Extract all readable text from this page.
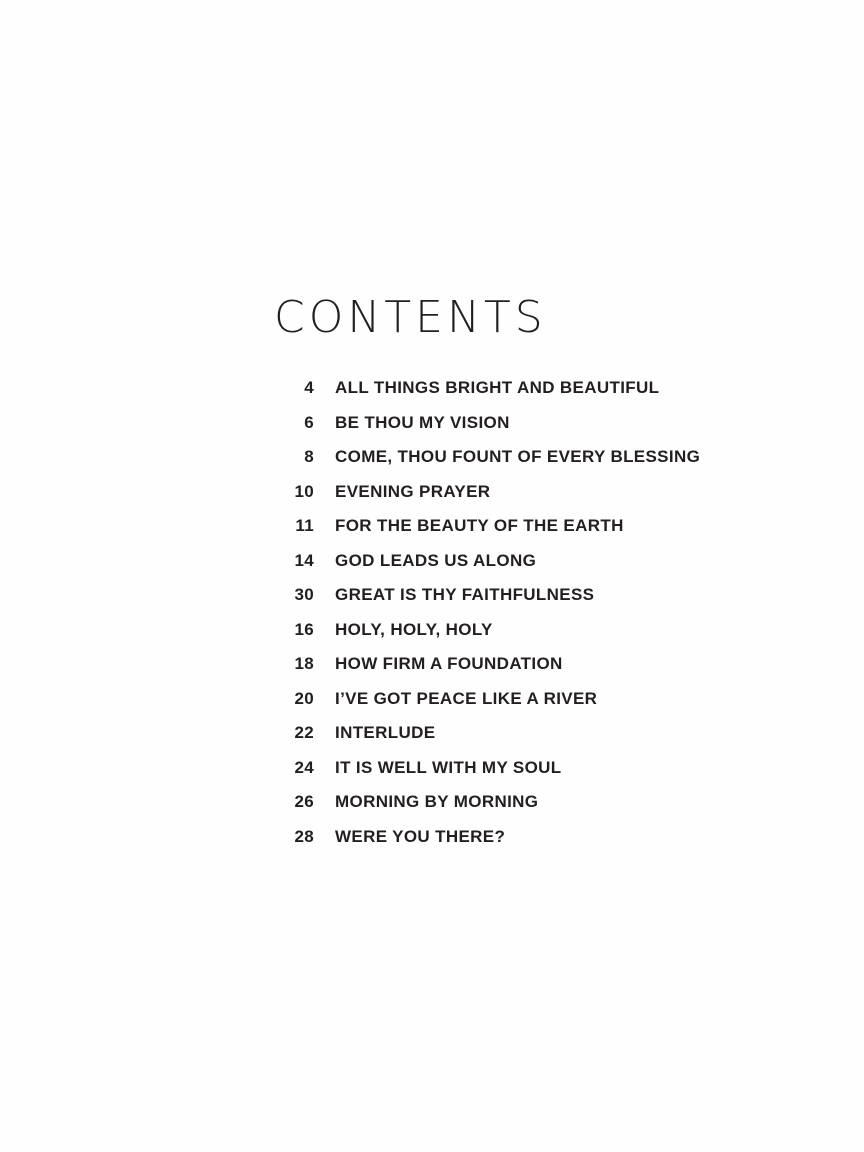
CONTENTS
4 ALL THINGS BRIGHT AND BEAUTIFUL
6 BE THOU MY VISION
8 COME, THOU FOUNT OF EVERY BLESSING
10 EVENING PRAYER
11 FOR THE BEAUTY OF THE EARTH
14 GOD LEADS US ALONG
30 GREAT IS THY FAITHFULNESS
16 HOLY, HOLY, HOLY
18 HOW FIRM A FOUNDATION
20 I’VE GOT PEACE LIKE A RIVER
22 INTERLUDE
24 IT IS WELL WITH MY SOUL
26 MORNING BY MORNING
28 WERE YOU THERE?
